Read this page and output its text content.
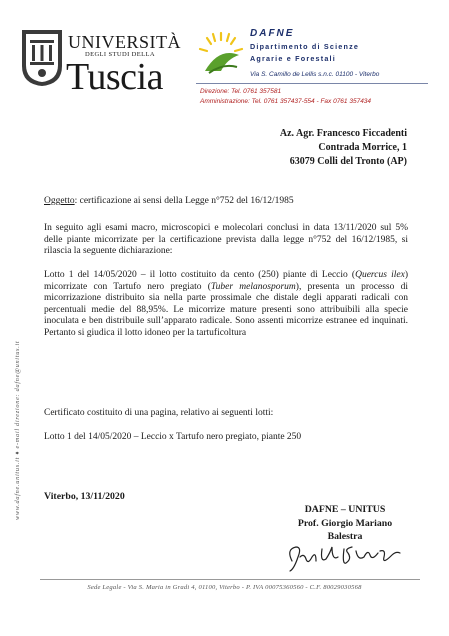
UNIVERSITÀ
DEGLI STUDI DELLA
Tuscia
DAFNE
Dipartimento di Scienze
Agrarie e Forestali
Via S. Camillo de Lellis s.n.c. 01100 - Viterbo
Direzione: Tel. 0761 357581
Amministrazione: Tel. 0761 357437-554 - Fax 0761 357434
www.dafne.unitus.it ♦ e-mail direzione: dafne@unitus.it
Az. Agr. Francesco Ficcadenti
Contrada Morrice, 1
63079 Colli del Tronto (AP)
Oggetto: certificazione ai sensi della Legge n°752 del 16/12/1985
In seguito agli esami macro, microscopici e molecolari conclusi in data 13/11/2020 sul 5% delle piante micorrizate per la certificazione prevista dalla legge n°752 del 16/12/1985, si rilascia la seguente dichiarazione:
Lotto 1 del 14/05/2020 – il lotto costituito da cento (250) piante di Leccio (Quercus ilex) micorrizate con Tartufo nero pregiato (Tuber melanosporum), presenta un processo di micorrizazione distribuito sia nella parte prossimale che distale degli apparati radicali con percentuali medie del 88,95%. Le micorrize mature presenti sono attribuibili alla specie inoculata e ben distribuile sull’apparato radicale. Sono assenti micorrize estranee ed inquinati. Pertanto si giudica il lotto idoneo per la tartuficoltura
Certificato costituito di una pagina, relativo ai seguenti lotti:
Lotto 1 del 14/05/2020 – Leccio x Tartufo nero pregiato, piante 250
Viterbo, 13/11/2020
DAFNE – UNITUS
Prof. Giorgio Mariano
Balestra
Sede Legale - Via S. Maria in Gradi 4, 01100, Viterbo - P. IVA 00075360560 - C.F. 80029030568
